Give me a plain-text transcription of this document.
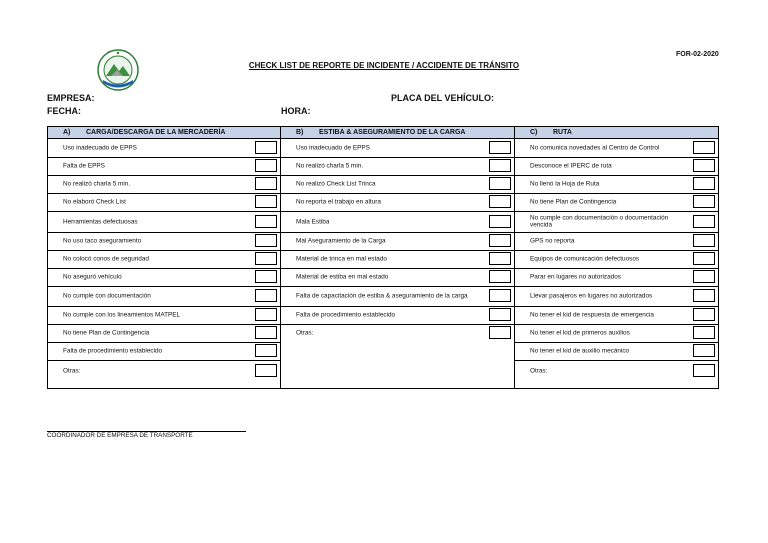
FOR-02-2020
CHECK LIST DE REPORTE DE INCIDENTE / ACCIDENTE DE TRÁNSITO
EMPRESA:
FECHA:	HORA:
PLACA DEL VEHÍCULO:
A) CARGA/DESCARGA DE LA MERCADERÍA
Uso inadecuado de EPPS
Falta de EPPS
No realizó charla 5 min.
No elaboró Check List
Herramientas defectuosas
No uso taco aseguramiento
No colocó conos de seguridad
No aseguró vehículo
No cumple con documentación
No cumple con los lineamientos MATPEL
No tiene Plan de Contingencia
Falta de procedimiento establecido
Otras:
B) ESTIBA & ASEGURAMIENTO DE LA CARGA
Uso inadecuado de EPPS
No realizó charla 5 min.
No realizó Check List Trinca
No reporta el trabajo en altura
Mala Estiba
Mal Aseguramiento de la Carga
Material de trinca en mal estado
Material de estiba en mal estado
Falta de capacitación de estiba & aseguramiento de la carga
Falta de procedimiento establecido
Otras:
C) RUTA
No comunica novedades al Centro de Control
Desconoce el IPERC de ruta
No llenó la Hoja de Ruta
No tiene Plan de Contingencia
No cumple con documentación o documentación vencida
GPS no reporta
Equipos de comunicación defectuosos
Parar en lugares no autorizados
Llevar pasajeros en lugares no autorizados
No tener el kid de respuesta de emergencia
No tener el kid de primeros auxilios
No tener el kid de auxilio mecánico
Otras:
COORDINADOR DE EMPRESA DE TRANSPORTE
